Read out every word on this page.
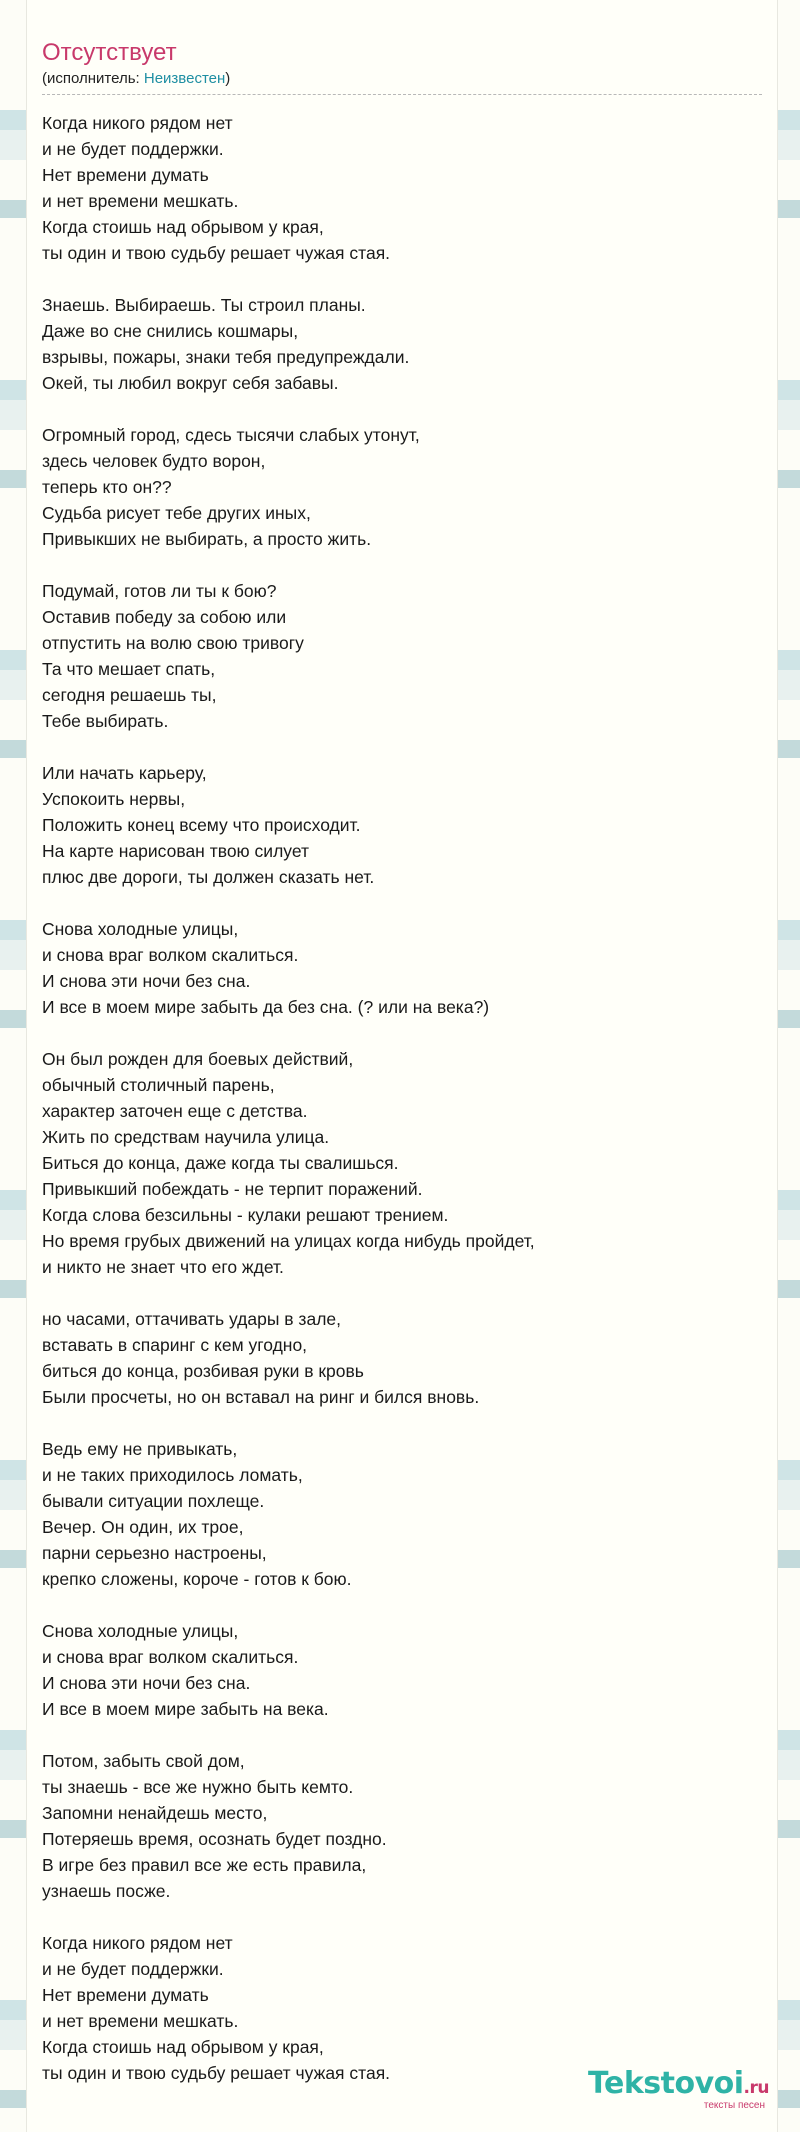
Отсутствует
(исполнитель: Неизвестен)
Когда никого рядом нет
и не будет поддержки.
Нет времени думать
и нет времени мешкать.
Когда стоишь над обрывом у края,
ты один и твою судьбу решает чужая стая.
Знаешь. Выбираешь. Ты строил планы.
Даже во сне снились кошмары,
взрывы, пожары, знаки тебя предупреждали.
Окей, ты любил вокруг себя забавы.
Огромный город, сдесь тысячи слабых утонут,
здесь человек будто ворон,
теперь кто он??
Судьба рисует тебе других иных,
Привыкших не выбирать, а просто жить.
Подумай, готов ли ты к бою?
Оставив победу за собою или
отпустить на волю свою тривогу
Та что мешает спать,
сегодня решаешь ты,
Тебе выбирать.
Или начать карьеру,
Успокоить нервы,
Положить конец всему что происходит.
На карте нарисован твою силует
плюс две дороги, ты должен сказать нет.
Снова холодные улицы,
и снова враг волком скалиться.
И снова эти ночи без сна.
И все в моем мире забыть да без сна. (? или на века?)
Он был рожден для боевых действий,
обычный столичный парень,
характер заточен еще с детства.
Жить по средствам научила улица.
Биться до конца, даже когда ты свалишься.
Привыкший побеждать - не терпит поражений.
Когда слова безсильны - кулаки решают трением.
Но время грубых движений на улицах когда нибудь пройдет,
и никто не знает что его ждет.
но часами, оттачивать удары в зале,
вставать в спаринг с кем угодно,
биться до конца, розбивая руки в кровь
Были просчеты, но он вставал на ринг и бился вновь.
Ведь ему не привыкать,
и не таких приходилось ломать,
бывали ситуации похлеще.
Вечер. Он один, их трое,
парни серьезно настроены,
крепко сложены, короче - готов к бою.
Снова холодные улицы,
и снова враг волком скалиться.
И снова эти ночи без сна.
И все в моем мире забыть на века.
Потом, забыть свой дом,
ты знаешь - все же нужно быть кемто.
Запомни ненайдешь место,
Потеряешь время, осознать будет поздно.
В игре без правил все же есть правила,
узнаешь посже.
Когда никого рядом нет
и не будет поддержки.
Нет времени думать
и нет времени мешкать.
Когда стоишь над обрывом у края,
ты один и твою судьбу решает чужая стая.	Tekstovoi.ru
тексты песен
